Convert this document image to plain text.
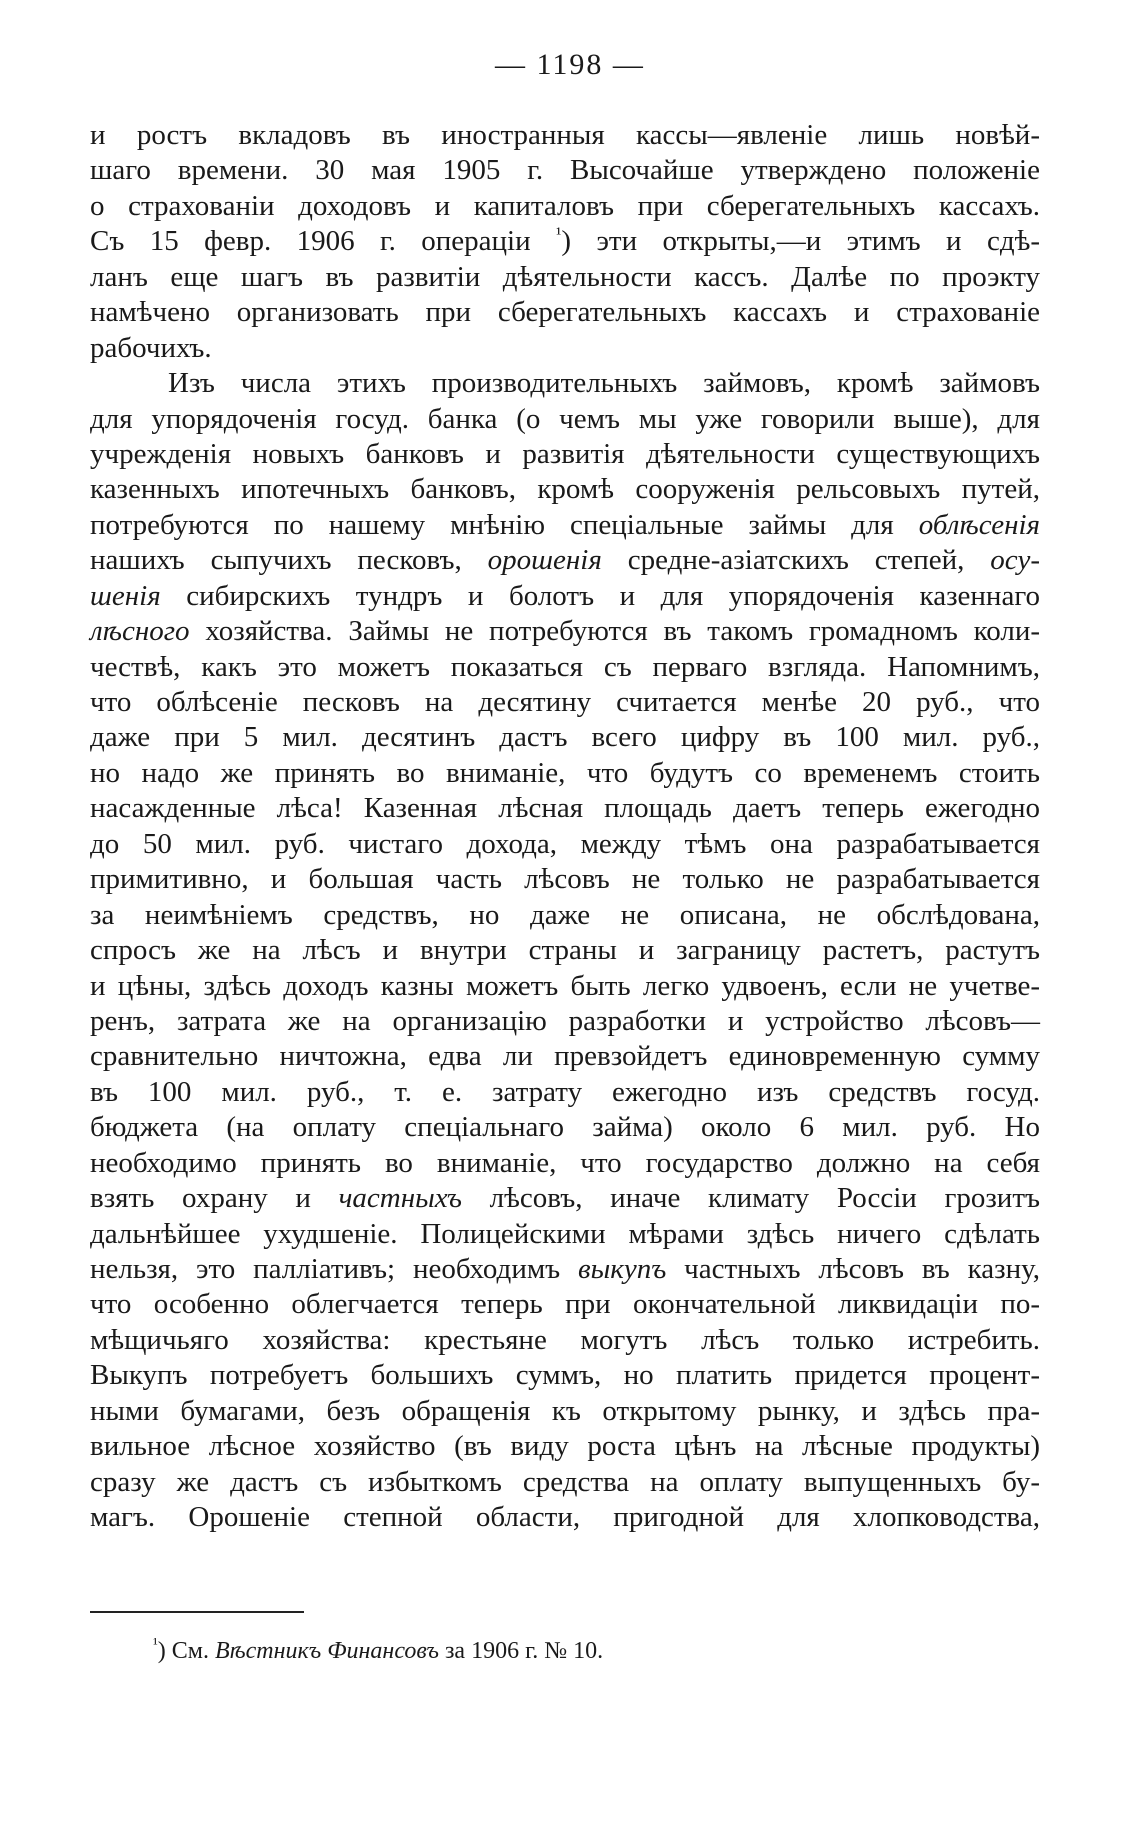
— 1198 —
и ростъ вкладовъ въ иностранныя кассы—явленіе лишь новѣй-
шаго времени. 30 мая 1905 г. Высочайше утверждено положеніе
о страхованіи доходовъ и капиталовъ при сберегательныхъ кассахъ.
Съ 15 февр. 1906 г. операціи $^{^1}$) эти открыты,—и этимъ и сдѣ-
ланъ еще шагъ въ развитіи дѣятельности кассъ. Далѣе по проэкту
намѣчено организовать при сберегательныхъ кассахъ и страхованіе
рабочихъ.
Изъ числа этихъ производительныхъ займовъ, кромѣ займовъ
для упорядоченія госуд. банка (о чемъ мы уже говорили выше), для
учрежденія новыхъ банковъ и развитія дѣятельности существующихъ
казенныхъ ипотечныхъ банковъ, кромѣ сооруженія рельсовыхъ путей,
потребуются по нашему мнѣнію спеціальные займы для облѣсенія
нашихъ сыпучихъ песковъ, орошенія средне-азіатскихъ степей, осу-
шенія сибирскихъ тундръ и болотъ и для упорядоченія казеннаго
лѣсного хозяйства. Займы не потребуются въ такомъ громадномъ коли-
чествѣ, какъ это можетъ показаться съ перваго взгляда. Напомнимъ,
что облѣсеніе песковъ на десятину считается менѣе 20 руб., что
даже при 5 мил. десятинъ дастъ всего цифру въ 100 мил. руб.,
но надо же принять во вниманіе, что будутъ со временемъ стоить
насажденные лѣса! Казенная лѣсная площадь даетъ теперь ежегодно
до 50 мил. руб. чистаго дохода, между тѣмъ она разрабатывается
примитивно, и большая часть лѣсовъ не только не разрабатывается
за неимѣніемъ средствъ, но даже не описана, не обслѣдована,
спросъ же на лѣсъ и внутри страны и заграницу растетъ, растутъ
и цѣны, здѣсь доходъ казны можетъ быть легко удвоенъ, если не учетве-
ренъ, затрата же на организацію разработки и устройство лѣсовъ—
сравнительно ничтожна, едва ли превзойдетъ единовременную сумму
въ 100 мил. руб., т. е. затрату ежегодно изъ средствъ госуд.
бюджета (на оплату спеціальнаго займа) около 6 мил. руб. Но
необходимо принять во вниманіе, что государство должно на себя
взять охрану и частныхъ лѣсовъ, иначе климату Россіи грозитъ
дальнѣйшее ухудшеніе. Полицейскими мѣрами здѣсь ничего сдѣлать
нельзя, это палліативъ; необходимъ выкупъ частныхъ лѣсовъ въ казну,
что особенно облегчается теперь при окончательной ликвидаціи по-
мѣщичьяго хозяйства: крестьяне могутъ лѣсъ только истребить.
Выкупъ потребуетъ большихъ суммъ, но платить придется процент-
ными бумагами, безъ обращенія къ открытому рынку, и здѣсь пра-
вильное лѣсное хозяйство (въ виду роста цѣнъ на лѣсные продукты)
сразу же дастъ съ избыткомъ средства на оплату выпущенныхъ бу-
магъ. Орошеніе степной области, пригодной для хлопководства,
$^{^1}$) См. Вѣстникъ Финансовъ за 1906 г. № 10.
